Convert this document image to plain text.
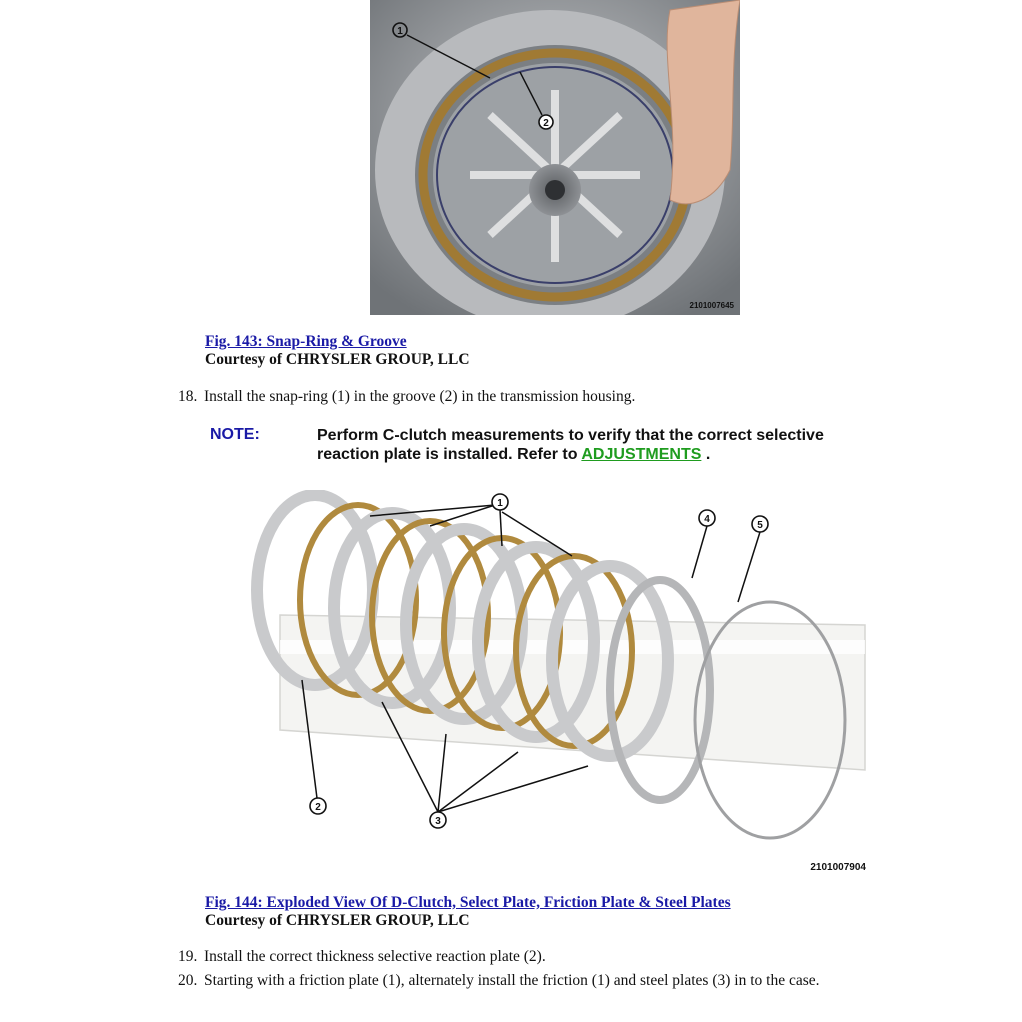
1
2
2101007645
Fig. 143: Snap-Ring & Groove
Courtesy of CHRYSLER GROUP, LLC
18. Install the snap-ring (1) in the groove (2) in the transmission housing.
NOTE:	Perform C-clutch measurements to verify that the correct selective reaction plate is installed. Refer to ADJUSTMENTS .
1
2
3
4
5
2101007904
Fig. 144: Exploded View Of D-Clutch, Select Plate, Friction Plate & Steel Plates
Courtesy of CHRYSLER GROUP, LLC
19. Install the correct thickness selective reaction plate (2).
20. Starting with a friction plate (1), alternately install the friction (1) and steel plates (3) in to the case.
